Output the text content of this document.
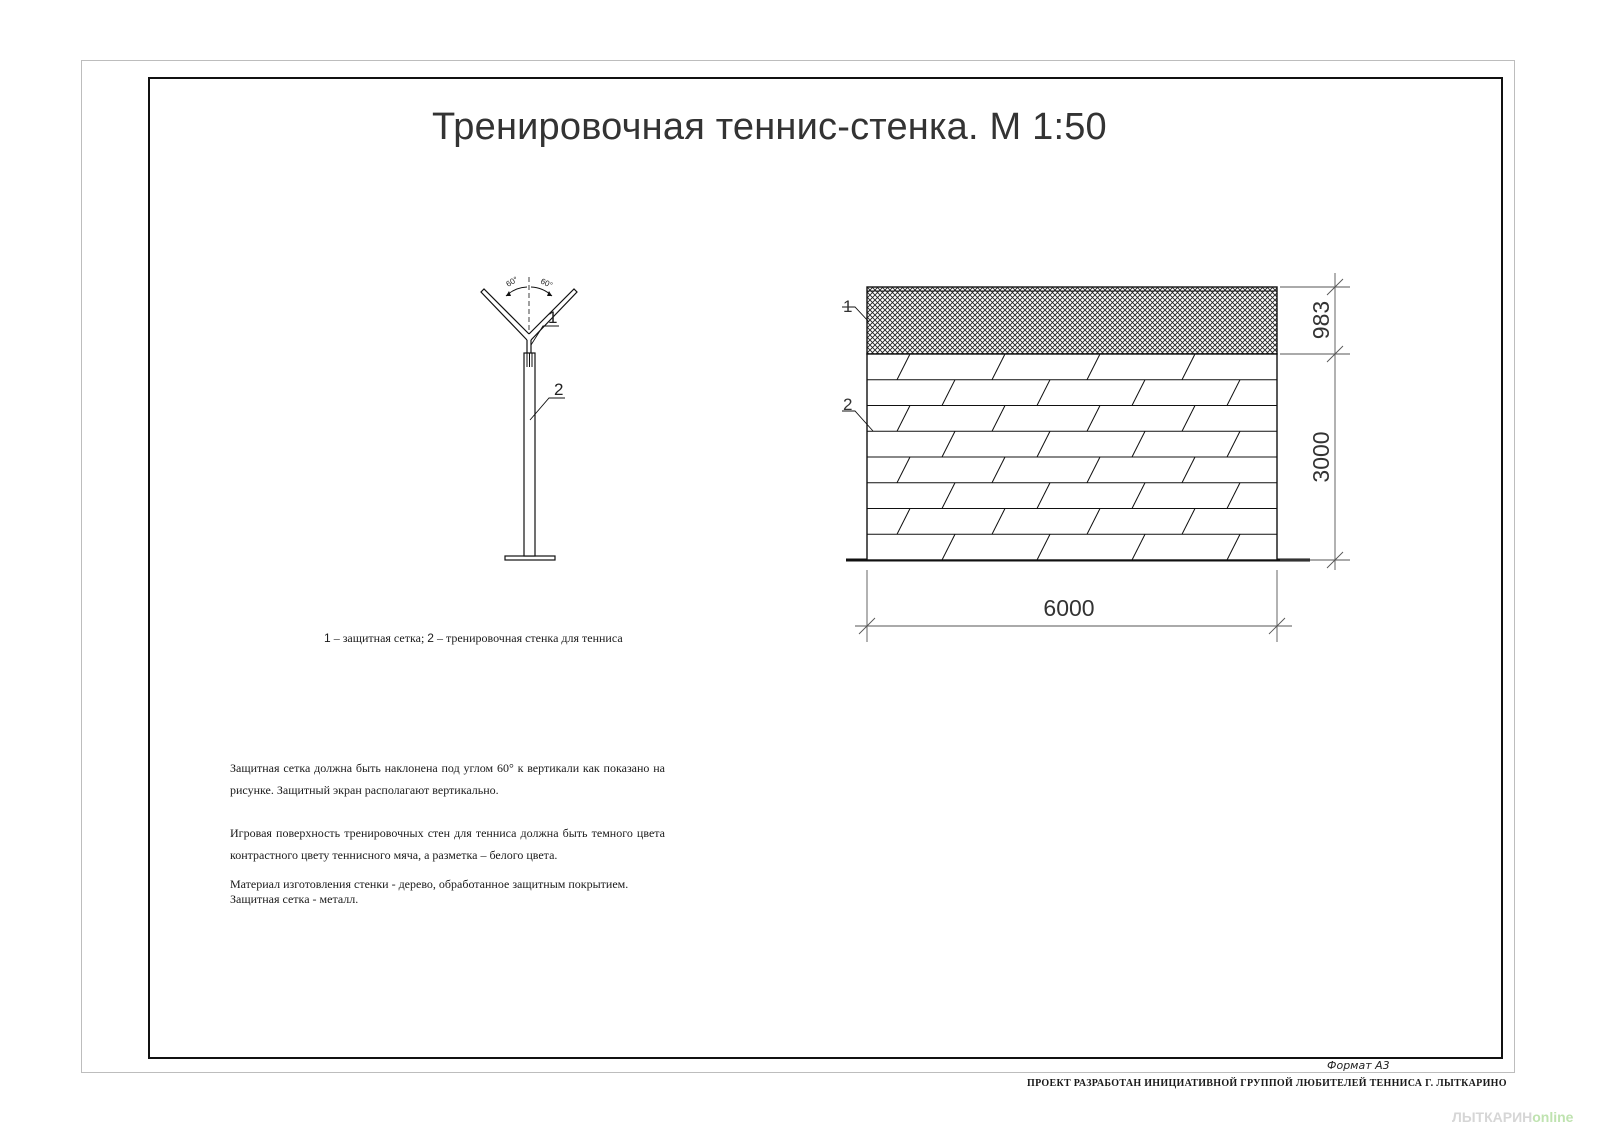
Тренировочная теннис-стенка. М 1:50
60° 60°
1
2
1
2
983
3000
6000
1 – защитная сетка; 2 – тренировочная стенка для тенниса
Защитная сетка должна быть наклонена под углом 60° к вертикали как показано на рисунке. Защитный экран располагают вертикально.
Игровая поверхность тренировочных стен для тенниса должна быть темного цвета контрастного цвету теннисного мяча, а разметка – белого цвета.

Материал изготовления стенки - дерево, обработанное защитным покрытием.

Защитная сетка - металл.

Формат А3
ПРОЕКТ РАЗРАБОТАН ИНИЦИАТИВНОЙ ГРУППОЙ ЛЮБИТЕЛЕЙ ТЕННИСА Г. ЛЫТКАРИНО
ЛЫТКАРИНonline
